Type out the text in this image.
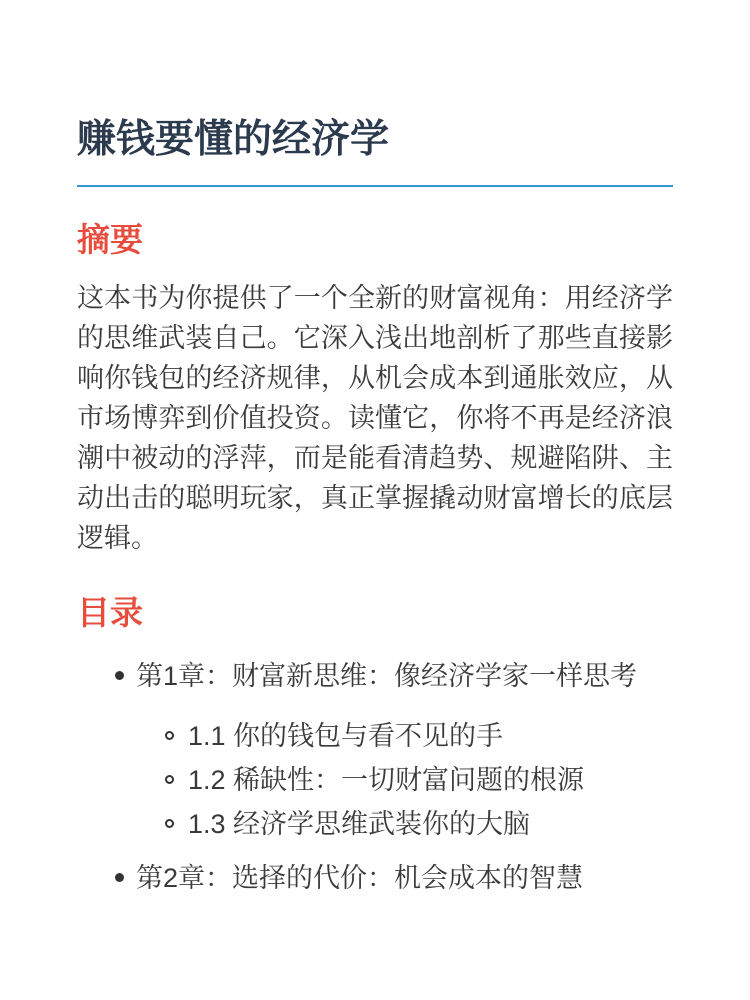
赚钱要懂的经济学
摘要

这本书为你提供了一个全新的财富视角：用经济学的思维武装自己。它深入浅出地剖析了那些直接影响你钱包的经济规律，从机会成本到通胀效应，从市场博弈到价值投资。读懂它，你将不再是经济浪潮中被动的浮萍，而是能看清趋势、规避陷阱、主动出击的聪明玩家，真正掌握撬动财富增长的底层逻辑。

目录
第1章：财富新思维：像经济学家一样思考
1.1 你的钱包与看不见的手
1.2 稀缺性：一切财富问题的根源
1.3 经济学思维武装你的大脑
第2章：选择的代价：机会成本的智慧
